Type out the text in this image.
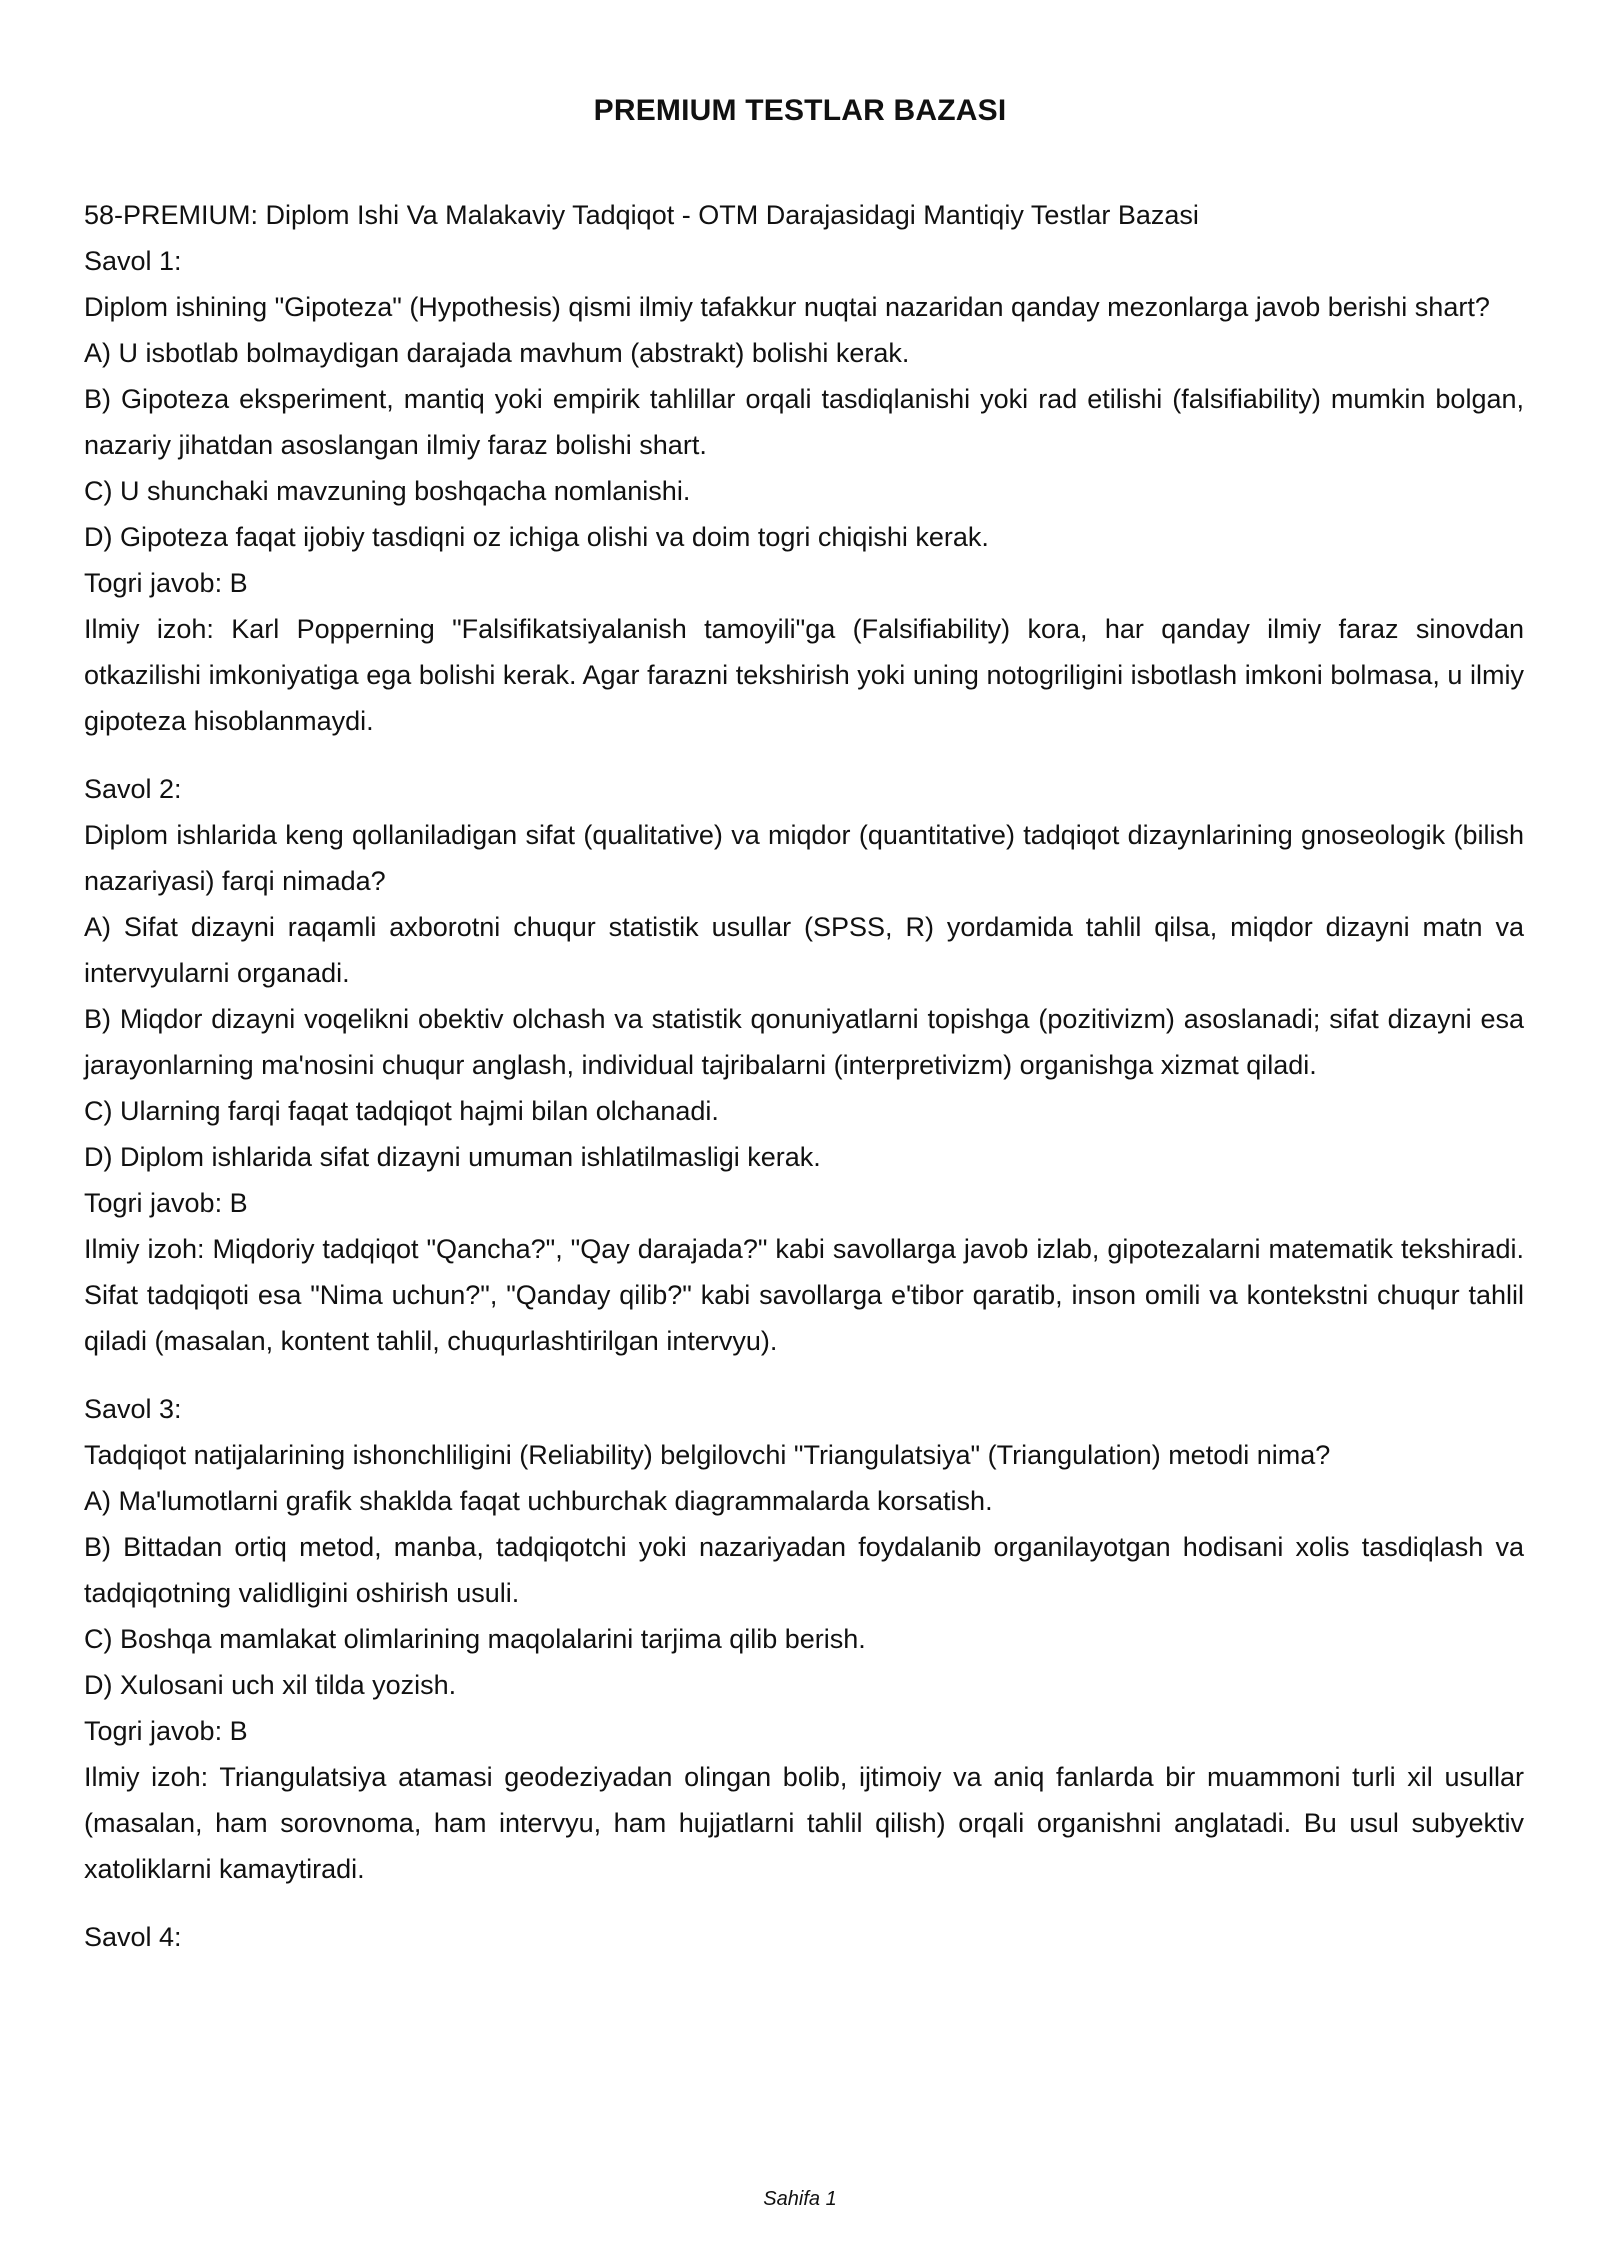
PREMIUM TESTLAR BAZASI

58-PREMIUM: Diplom Ishi Va Malakaviy Tadqiqot - OTM Darajasidagi Mantiqiy Testlar Bazasi

Savol 1:

Diplom ishining "Gipoteza" (Hypothesis) qismi ilmiy tafakkur nuqtai nazaridan qanday mezonlarga javob berishi shart?

A) U isbotlab bolmaydigan darajada mavhum (abstrakt) bolishi kerak.

B) Gipoteza eksperiment, mantiq yoki empirik tahlillar orqali tasdiqlanishi yoki rad etilishi (falsifiability) mumkin bolgan, nazariy jihatdan asoslangan ilmiy faraz bolishi shart.

C) U shunchaki mavzuning boshqacha nomlanishi.

D) Gipoteza faqat ijobiy tasdiqni oz ichiga olishi va doim togri chiqishi kerak.

Togri javob: B

Ilmiy izoh: Karl Popperning "Falsifikatsiyalanish tamoyili"ga (Falsifiability) kora, har qanday ilmiy faraz sinovdan otkazilishi imkoniyatiga ega bolishi kerak. Agar farazni tekshirish yoki uning notogriligini isbotlash imkoni bolmasa, u ilmiy gipoteza hisoblanmaydi.

Savol 2:

Diplom ishlarida keng qollaniladigan sifat (qualitative) va miqdor (quantitative) tadqiqot dizaynlarining gnoseologik (bilish nazariyasi) farqi nimada?

A) Sifat dizayni raqamli axborotni chuqur statistik usullar (SPSS, R) yordamida tahlil qilsa, miqdor dizayni matn va intervyularni organadi.

B) Miqdor dizayni voqelikni obektiv olchash va statistik qonuniyatlarni topishga (pozitivizm) asoslanadi; sifat dizayni esa jarayonlarning ma'nosini chuqur anglash, individual tajribalarni (interpretivizm) organishga xizmat qiladi.

C) Ularning farqi faqat tadqiqot hajmi bilan olchanadi.

D) Diplom ishlarida sifat dizayni umuman ishlatilmasligi kerak.

Togri javob: B

Ilmiy izoh: Miqdoriy tadqiqot "Qancha?", "Qay darajada?" kabi savollarga javob izlab, gipotezalarni matematik tekshiradi. Sifat tadqiqoti esa "Nima uchun?", "Qanday qilib?" kabi savollarga e'tibor qaratib, inson omili va kontekstni chuqur tahlil qiladi (masalan, kontent tahlil, chuqurlashtirilgan intervyu).

Savol 3:

Tadqiqot natijalarining ishonchliligini (Reliability) belgilovchi "Triangulatsiya" (Triangulation) metodi nima?

A) Ma'lumotlarni grafik shaklda faqat uchburchak diagrammalarda korsatish.

B) Bittadan ortiq metod, manba, tadqiqotchi yoki nazariyadan foydalanib organilayotgan hodisani xolis tasdiqlash va tadqiqotning validligini oshirish usuli.

C) Boshqa mamlakat olimlarining maqolalarini tarjima qilib berish.

D) Xulosani uch xil tilda yozish.

Togri javob: B

Ilmiy izoh: Triangulatsiya atamasi geodeziyadan olingan bolib, ijtimoiy va aniq fanlarda bir muammoni turli xil usullar (masalan, ham sorovnoma, ham intervyu, ham hujjatlarni tahlil qilish) orqali organishni anglatadi. Bu usul subyektiv xatoliklarni kamaytiradi.

Savol 4:

Sahifa 1
